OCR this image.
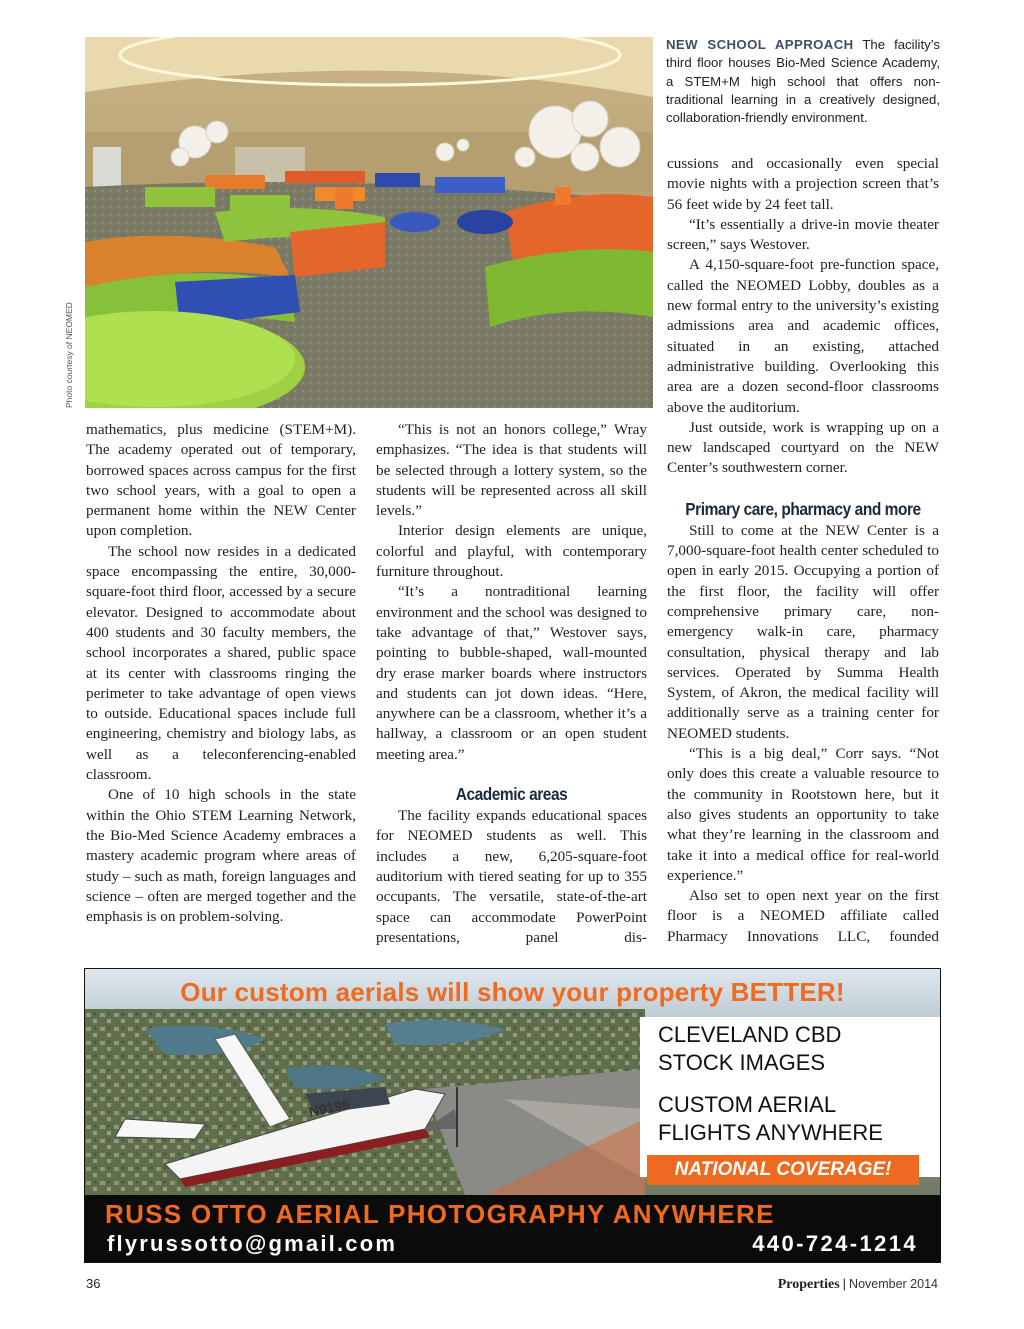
Photo courtesy of NEOMED
NEW SCHOOL APPROACH The facility’s third floor houses Bio-Med Science Academy, a STEM+M high school that offers non-traditional learning in a creatively designed, collaboration-friendly environment.

mathematics, plus medicine (STEM+M). The academy operated out of temporary, borrowed spaces across campus for the first two school years, with a goal to open a permanent home within the NEW Center upon completion.

The school now resides in a dedicated space encompassing the entire, 30,000-square-foot third floor, accessed by a secure elevator. Designed to accommodate about 400 students and 30 faculty members, the school incorporates a shared, public space at its center with classrooms ringing the perimeter to take advantage of open views to outside. Educational spaces include full engineering, chemistry and biology labs, as well as a teleconferencing-enabled classroom.

One of 10 high schools in the state within the Ohio STEM Learning Network, the Bio-Med Science Academy embraces a mastery academic program where areas of study – such as math, foreign languages and science – often are merged together and the emphasis is on problem-solving.

“This is not an honors college,” Wray emphasizes. “The idea is that students will be selected through a lottery system, so the students will be represented across all skill levels.”

Interior design elements are unique, colorful and playful, with contemporary furniture throughout.

“It’s a nontraditional learning environment and the school was designed to take advantage of that,” Westover says, pointing to bubble-shaped, wall-mounted dry erase marker boards where instructors and students can jot down ideas. “Here, anywhere can be a classroom, whether it’s a hallway, a classroom or an open student meeting area.”

Academic areas

The facility expands educational spaces for NEOMED students as well. This includes a new, 6,205-square-foot auditorium with tiered seating for up to 355 occupants. The versatile, state-of-the-art space can accommodate PowerPoint presentations, panel dis-

cussions and occasionally even special movie nights with a projection screen that’s 56 feet wide by 24 feet tall.

“It’s essentially a drive-in movie theater screen,” says Westover.

A 4,150-square-foot pre-function space, called the NEOMED Lobby, doubles as a new formal entry to the university’s existing admissions area and academic offices, situated in an existing, attached administrative building. Overlooking this area are a dozen second-floor classrooms above the auditorium.

Just outside, work is wrapping up on a new landscaped courtyard on the NEW Center’s southwestern corner.

Primary care, pharmacy and more

Still to come at the NEW Center is a 7,000-square-foot health center scheduled to open in early 2015. Occupying a portion of the first floor, the facility will offer comprehensive primary care, non-emergency walk-in care, pharmacy consultation, physical therapy and lab services. Operated by Summa Health System, of Akron, the medical facility will additionally serve as a training center for NEOMED students.

“This is a big deal,” Corr says. “Not only does this create a valuable resource to the community in Rootstown here, but it also gives students an opportunity to take what they’re learning in the classroom and take it into a medical office for real-world experience.”

Also set to open next year on the first floor is a NEOMED affiliate called Pharmacy Innovations LLC, founded

N9196
Our custom aerials will show your property BETTER!
CLEVELAND CBD
STOCK IMAGES
CUSTOM AERIAL
FLIGHTS ANYWHERE
NATIONAL COVERAGE!
RUSS OTTO AERIAL PHOTOGRAPHY ANYWHERE
flyrussotto@gmail.com	440-724-1214
36	Properties | November 2014
